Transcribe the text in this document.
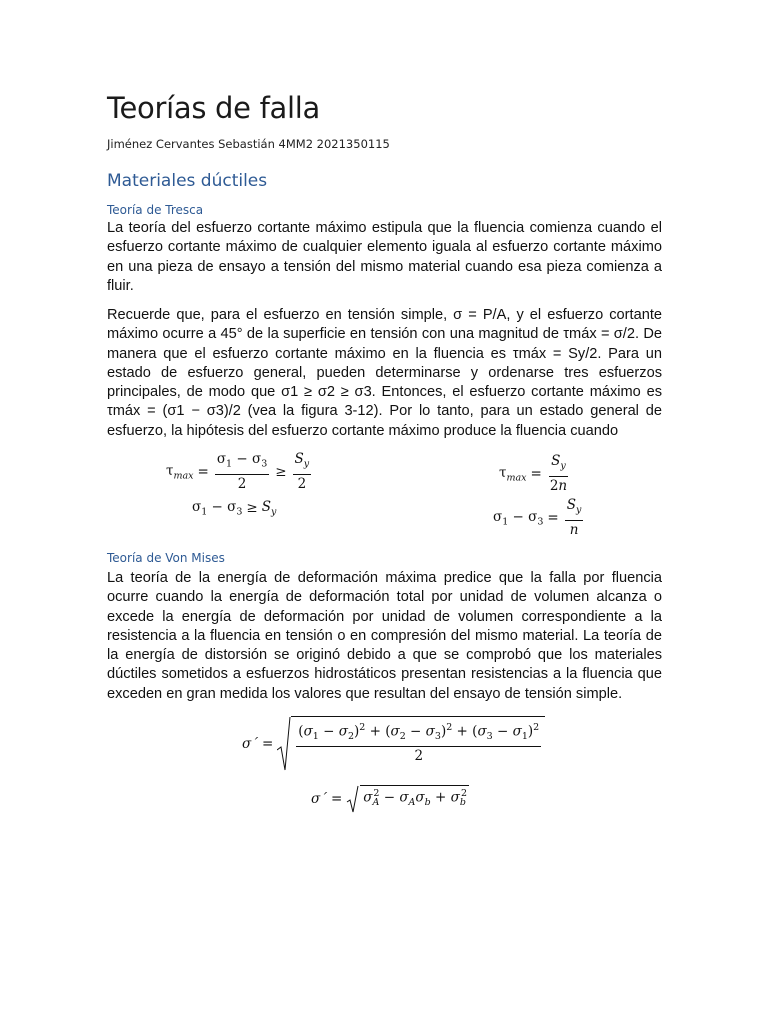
Teorías de falla
Jiménez Cervantes Sebastián 4MM2 2021350115
Materiales dúctiles
Teoría de Tresca
La teoría del esfuerzo cortante máximo estipula que la fluencia comienza cuando el esfuerzo cortante máximo de cualquier elemento iguala al esfuerzo cortante máximo en una pieza de ensayo a tensión del mismo material cuando esa pieza comienza a fluir.
Recuerde que, para el esfuerzo en tensión simple, σ = P/A, y el esfuerzo cortante máximo ocurre a 45° de la superficie en tensión con una magnitud de τmáx = σ/2. De manera que el esfuerzo cortante máximo en la fluencia es τmáx = Sy/2. Para un estado de esfuerzo general, pueden determinarse y ordenarse tres esfuerzos principales, de modo que σ1 ≥ σ2 ≥ σ3. Entonces, el esfuerzo cortante máximo es τmáx = (σ1 − σ3)/2 (vea la figura 3-12). Por lo tanto, para un estado general de esfuerzo, la hipótesis del esfuerzo cortante máximo produce la fluencia cuando
$\tau_{max} = \frac{\sigma_1 - \sigma_3}{2} \ge \frac{S_y}{2}$
$\sigma_1 - \sigma_3 \ge S_y$
$\tau_{max} = \frac{S_y}{2n}$
$\sigma_1 - \sigma_3 = \frac{S_y}{n}$
Teoría de Von Mises
La teoría de la energía de deformación máxima predice que la falla por fluencia ocurre cuando la energía de deformación total por unidad de volumen alcanza o excede la energía de deformación por unidad de volumen correspondiente a la resistencia a la fluencia en tensión o en compresión del mismo material. La teoría de la energía de distorsión se originó debido a que se comprobó que los materiales dúctiles sometidos a esfuerzos hidrostáticos presentan resistencias a la fluencia que exceden en gran medida los valores que resultan del ensayo de tensión simple.
σ´ = $\frac{(\sigma_1 - \sigma_2)^2 + (\sigma_2 - \sigma_3)^2 + (\sigma_3 - \sigma_1)^2}{2}$
σ´ = $\sigma_A^2 - \sigma_A\sigma_b + \sigma_b^2$
